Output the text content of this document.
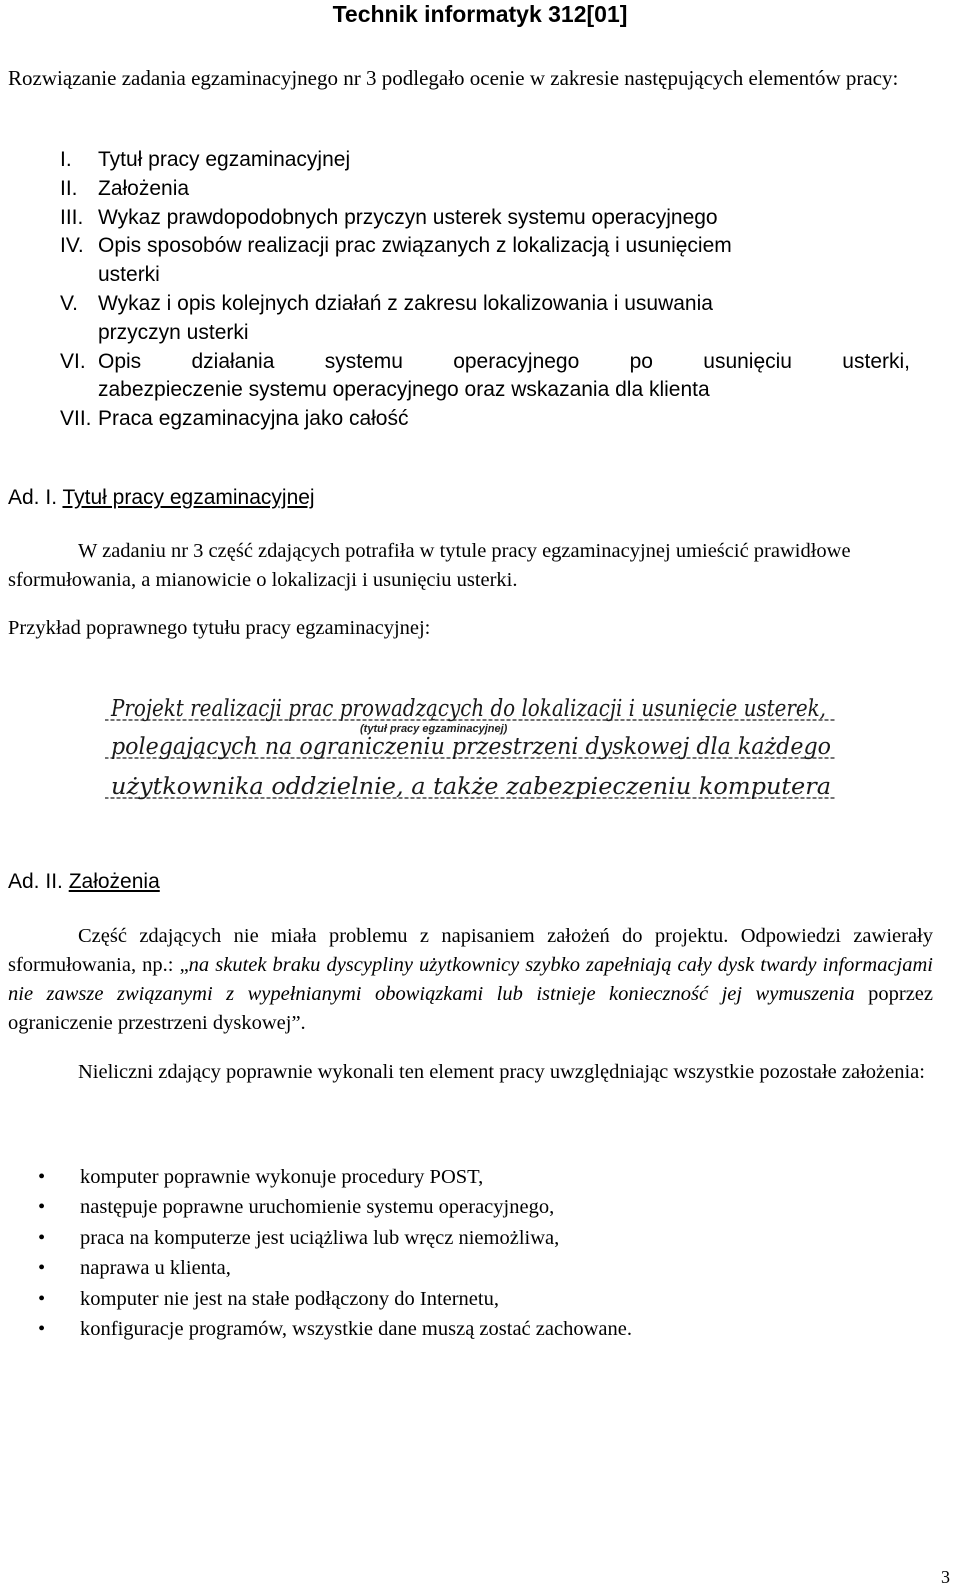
Technik informatyk 312[01]

Rozwiązanie zadania egzaminacyjnego nr 3 podlegało ocenie w zakresie następujących elementów pracy:

I. Tytuł pracy egzaminacyjnej
II. Założenia
III. Wykaz prawdopodobnych przyczyn usterek systemu operacyjnego
IV. Opis sposobów realizacji prac związanych z lokalizacją i usunięciem
usterki
V. Wykaz i opis kolejnych działań z zakresu lokalizowania i usuwania
przyczyn usterki
VI. Opis działania systemu operacyjnego po usunięciu usterki,
zabezpieczenie systemu operacyjnego oraz wskazania dla klienta
VII. Praca egzaminacyjna jako całość
Ad. I. Tytuł pracy egzaminacyjnej

W zadaniu nr 3 część zdających potrafiła w tytule pracy egzaminacyjnej umieścić prawidłowe sformułowania, a mianowicie o lokalizacji i usunięciu usterki.

Przykład poprawnego tytułu pracy egzaminacyjnej:

Projekt realizacji prac prowadzących do lokalizacji i usunięcie usterek,
(tytuł pracy egzaminacyjnej)
polegających na ograniczeniu przestrzeni dyskowej dla każdego
użytkownika oddzielnie, a także zabezpieczeniu komputera
Ad. II. Założenia

Część zdających nie miała problemu z napisaniem założeń do projektu. Odpowiedzi zawierały sformułowania, np.: „na skutek braku dyscypliny użytkownicy szybko zapełniają cały dysk twardy informacjami nie zawsze związanymi z wypełnianymi obowiązkami lub istnieje konieczność jej wymuszenia poprzez ograniczenie przestrzeni dyskowej”.

Nieliczni zdający poprawnie wykonali ten element pracy uwzględniając wszystkie pozostałe założenia:

• komputer poprawnie wykonuje procedury POST,
• następuje poprawne uruchomienie systemu operacyjnego,
• praca na komputerze jest uciążliwa lub wręcz niemożliwa,
• naprawa u klienta,
• komputer nie jest na stałe podłączony do Internetu,
• konfiguracje programów, wszystkie dane muszą zostać zachowane.
3
